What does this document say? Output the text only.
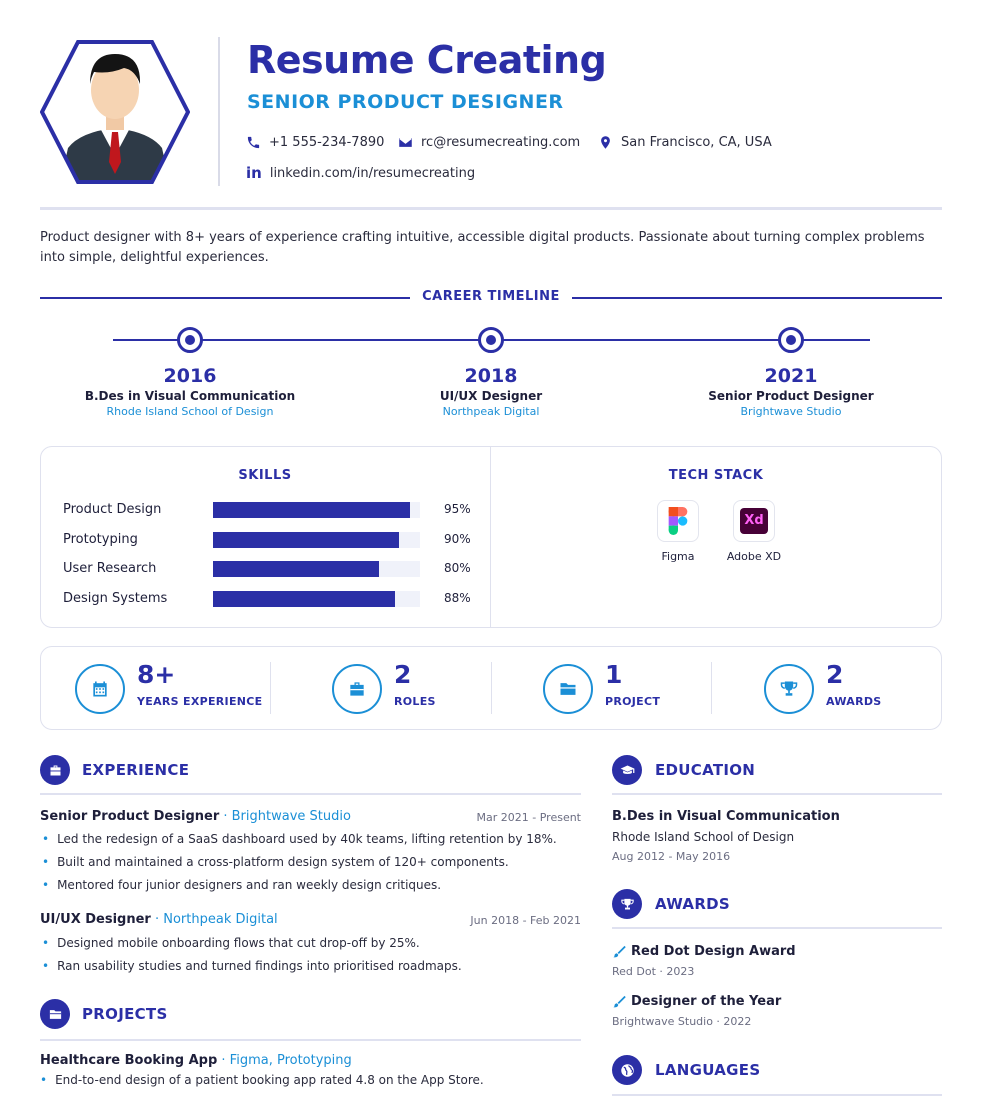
Resume Creating
SENIOR PRODUCT DESIGNER
+1 555-234-7890	rc@resumecreating.com	San Francisco, CA, USA
in linkedin.com/in/resumecreating

Product designer with 8+ years of experience crafting intuitive, accessible digital products. Passionate about turning complex problems into simple, delightful experiences.

CAREER TIMELINE
2016
B.Des in Visual Communication
Rhode Island School of Design
2018
UI/UX Designer
Northpeak Digital
2021
Senior Product Designer
Brightwave Studio
SKILLS	TECH STACK
Product Design	95%
Prototyping	90%
User Research	80%
Design Systems	88%
Figma
Xd
Adobe XD
8+
YEARS EXPERIENCE
2
ROLES
1
PROJECT
2
AWARDS
EXPERIENCE
Senior Product Designer · Brightwave Studio	Mar 2021 - Present
• Led the redesign of a SaaS dashboard used by 40k teams, lifting retention by 18%.
• Built and maintained a cross-platform design system of 120+ components.
• Mentored four junior designers and ran weekly design critiques.
UI/UX Designer · Northpeak Digital	Jun 2018 - Feb 2021
• Designed mobile onboarding flows that cut drop-off by 25%.
• Ran usability studies and turned findings into prioritised roadmaps.
PROJECTS
Healthcare Booking App · Figma, Prototyping
• End-to-end design of a patient booking app rated 4.8 on the App Store.
EDUCATION
B.Des in Visual Communication
Rhode Island School of Design
Aug 2012 - May 2016
AWARDS
Red Dot Design Award
Red Dot · 2023
Designer of the Year
Brightwave Studio · 2022
LANGUAGES
